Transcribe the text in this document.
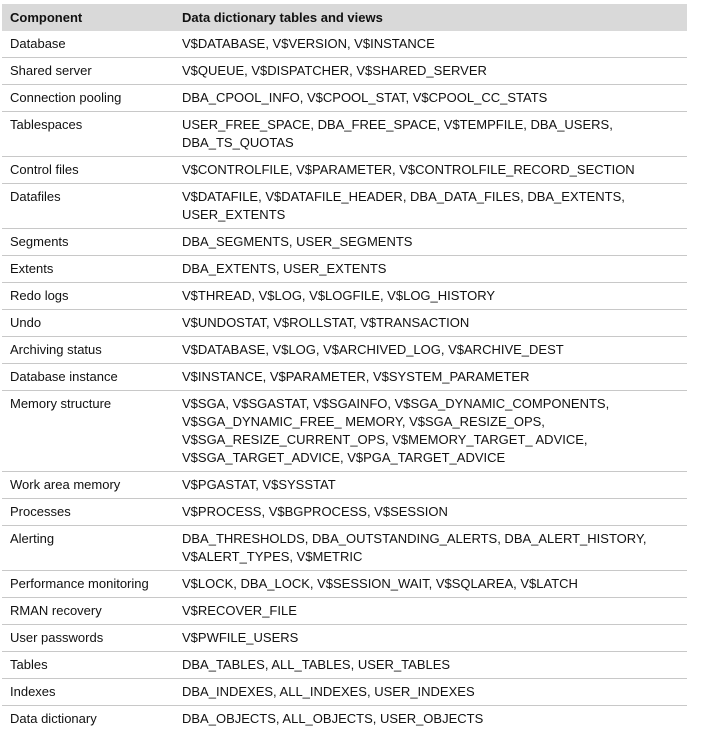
Component	Data dictionary tables and views
Database	V$DATABASE, V$VERSION, V$INSTANCE
Shared server	V$QUEUE, V$DISPATCHER, V$SHARED_SERVER
Connection pooling	DBA_CPOOL_INFO, V$CPOOL_STAT, V$CPOOL_CC_STATS
Tablespaces	USER_FREE_SPACE, DBA_FREE_SPACE, V$TEMPFILE, DBA_USERS, DBA_TS_QUOTAS
Control files	V$CONTROLFILE, V$PARAMETER, V$CONTROLFILE_RECORD_SECTION
Datafiles	V$DATAFILE, V$DATAFILE_HEADER, DBA_DATA_FILES, DBA_EXTENTS, USER_EXTENTS
Segments	DBA_SEGMENTS, USER_SEGMENTS
Extents	DBA_EXTENTS, USER_EXTENTS
Redo logs	V$THREAD, V$LOG, V$LOGFILE, V$LOG_HISTORY
Undo	V$UNDOSTAT, V$ROLLSTAT, V$TRANSACTION
Archiving status	V$DATABASE, V$LOG, V$ARCHIVED_LOG, V$ARCHIVE_DEST
Database instance	V$INSTANCE, V$PARAMETER, V$SYSTEM_PARAMETER
Memory structure	V$SGA, V$SGASTAT, V$SGAINFO, V$SGA_DYNAMIC_COMPONENTS, V$SGA_DYNAMIC_FREE_ MEMORY, V$SGA_RESIZE_OPS, V$SGA_RESIZE_CURRENT_OPS, V$MEMORY_TARGET_ ADVICE, V$SGA_TARGET_ADVICE, V$PGA_TARGET_ADVICE
Work area memory	V$PGASTAT, V$SYSSTAT
Processes	V$PROCESS, V$BGPROCESS, V$SESSION
Alerting	DBA_THRESHOLDS, DBA_OUTSTANDING_ALERTS, DBA_ALERT_HISTORY, V$ALERT_TYPES, V$METRIC
Performance monitoring	V$LOCK, DBA_LOCK, V$SESSION_WAIT, V$SQLAREA, V$LATCH
RMAN recovery	V$RECOVER_FILE
User passwords	V$PWFILE_USERS
Tables	DBA_TABLES, ALL_TABLES, USER_TABLES
Indexes	DBA_INDEXES, ALL_INDEXES, USER_INDEXES
Data dictionary	DBA_OBJECTS, ALL_OBJECTS, USER_OBJECTS
